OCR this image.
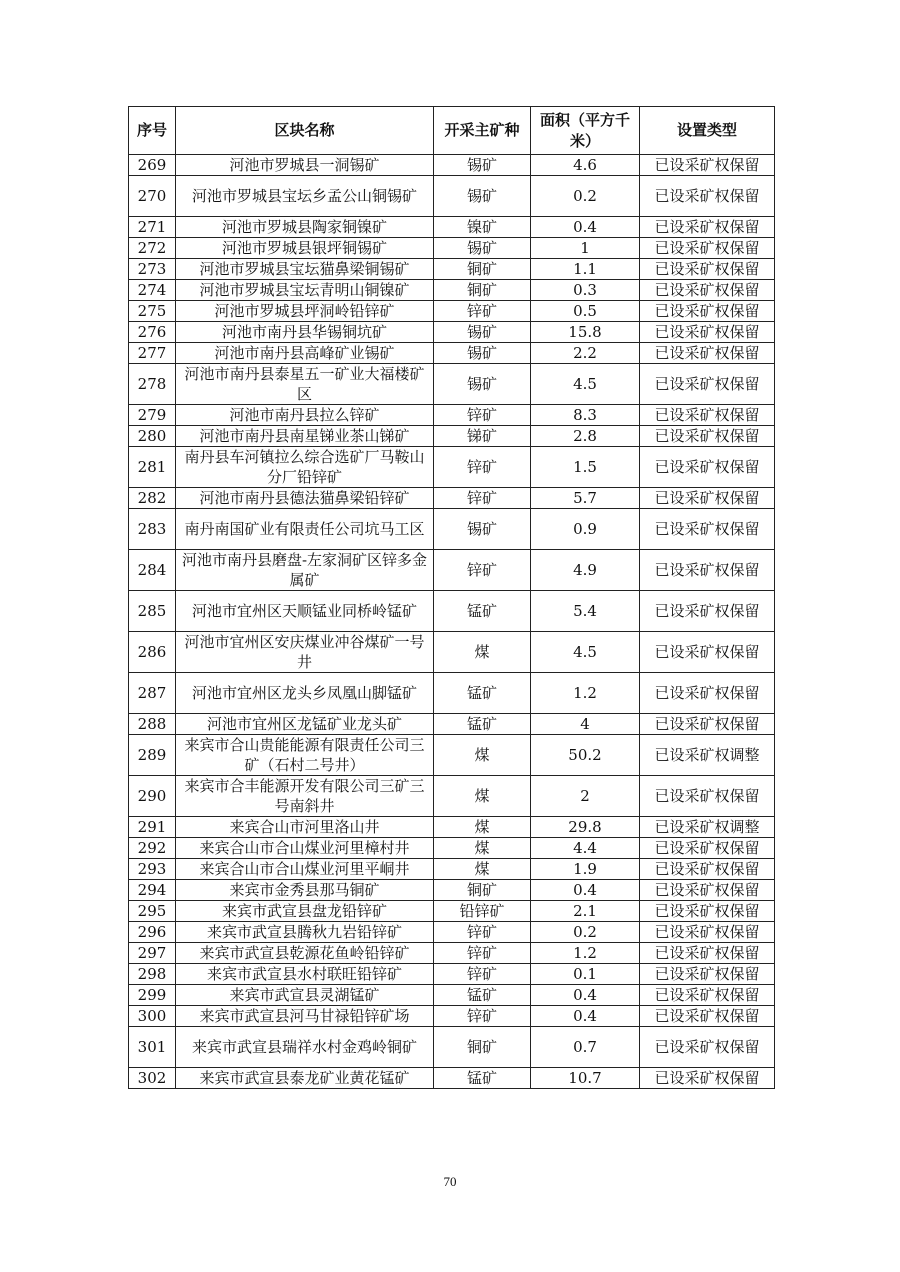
序号	区块名称	开采主矿种	面积（平方千米）	设置类型
269	河池市罗城县一洞锡矿	锡矿	4.6	已设采矿权保留
270	河池市罗城县宝坛乡孟公山铜锡矿	锡矿	0.2	已设采矿权保留
271	河池市罗城县陶家铜镍矿	镍矿	0.4	已设采矿权保留
272	河池市罗城县银坪铜锡矿	锡矿	1	已设采矿权保留
273	河池市罗城县宝坛猫鼻梁铜锡矿	铜矿	1.1	已设采矿权保留
274	河池市罗城县宝坛青明山铜镍矿	铜矿	0.3	已设采矿权保留
275	河池市罗城县坪洞岭铅锌矿	锌矿	0.5	已设采矿权保留
276	河池市南丹县华锡铜坑矿	锡矿	15.8	已设采矿权保留
277	河池市南丹县高峰矿业锡矿	锡矿	2.2	已设采矿权保留
278	河池市南丹县泰星五一矿业大福楼矿区	锡矿	4.5	已设采矿权保留
279	河池市南丹县拉么锌矿	锌矿	8.3	已设采矿权保留
280	河池市南丹县南星锑业茶山锑矿	锑矿	2.8	已设采矿权保留
281	南丹县车河镇拉么综合选矿厂马鞍山分厂铅锌矿	锌矿	1.5	已设采矿权保留
282	河池市南丹县德法猫鼻梁铅锌矿	锌矿	5.7	已设采矿权保留
283	南丹南国矿业有限责任公司坑马工区	锡矿	0.9	已设采矿权保留
284	河池市南丹县磨盘-左家洞矿区锌多金属矿	锌矿	4.9	已设采矿权保留
285	河池市宜州区天顺锰业同桥岭锰矿	锰矿	5.4	已设采矿权保留
286	河池市宜州区安庆煤业冲谷煤矿一号井	煤	4.5	已设采矿权保留
287	河池市宜州区龙头乡凤凰山脚锰矿	锰矿	1.2	已设采矿权保留
288	河池市宜州区龙锰矿业龙头矿	锰矿	4	已设采矿权保留
289	来宾市合山贵能能源有限责任公司三矿（石村二号井）	煤	50.2	已设采矿权调整
290	来宾市合丰能源开发有限公司三矿三号南斜井	煤	2	已设采矿权保留
291	来宾合山市河里洛山井	煤	29.8	已设采矿权调整
292	来宾合山市合山煤业河里樟村井	煤	4.4	已设采矿权保留
293	来宾合山市合山煤业河里平峒井	煤	1.9	已设采矿权保留
294	来宾市金秀县那马铜矿	铜矿	0.4	已设采矿权保留
295	来宾市武宣县盘龙铅锌矿	铅锌矿	2.1	已设采矿权保留
296	来宾市武宣县腾秋九岩铅锌矿	锌矿	0.2	已设采矿权保留
297	来宾市武宣县乾源花鱼岭铅锌矿	锌矿	1.2	已设采矿权保留
298	来宾市武宣县水村联旺铅锌矿	锌矿	0.1	已设采矿权保留
299	来宾市武宣县灵湖锰矿	锰矿	0.4	已设采矿权保留
300	来宾市武宣县河马甘禄铅锌矿场	锌矿	0.4	已设采矿权保留
301	来宾市武宣县瑞祥水村金鸡岭铜矿	铜矿	0.7	已设采矿权保留
302	来宾市武宣县泰龙矿业黄花锰矿	锰矿	10.7	已设采矿权保留
70
